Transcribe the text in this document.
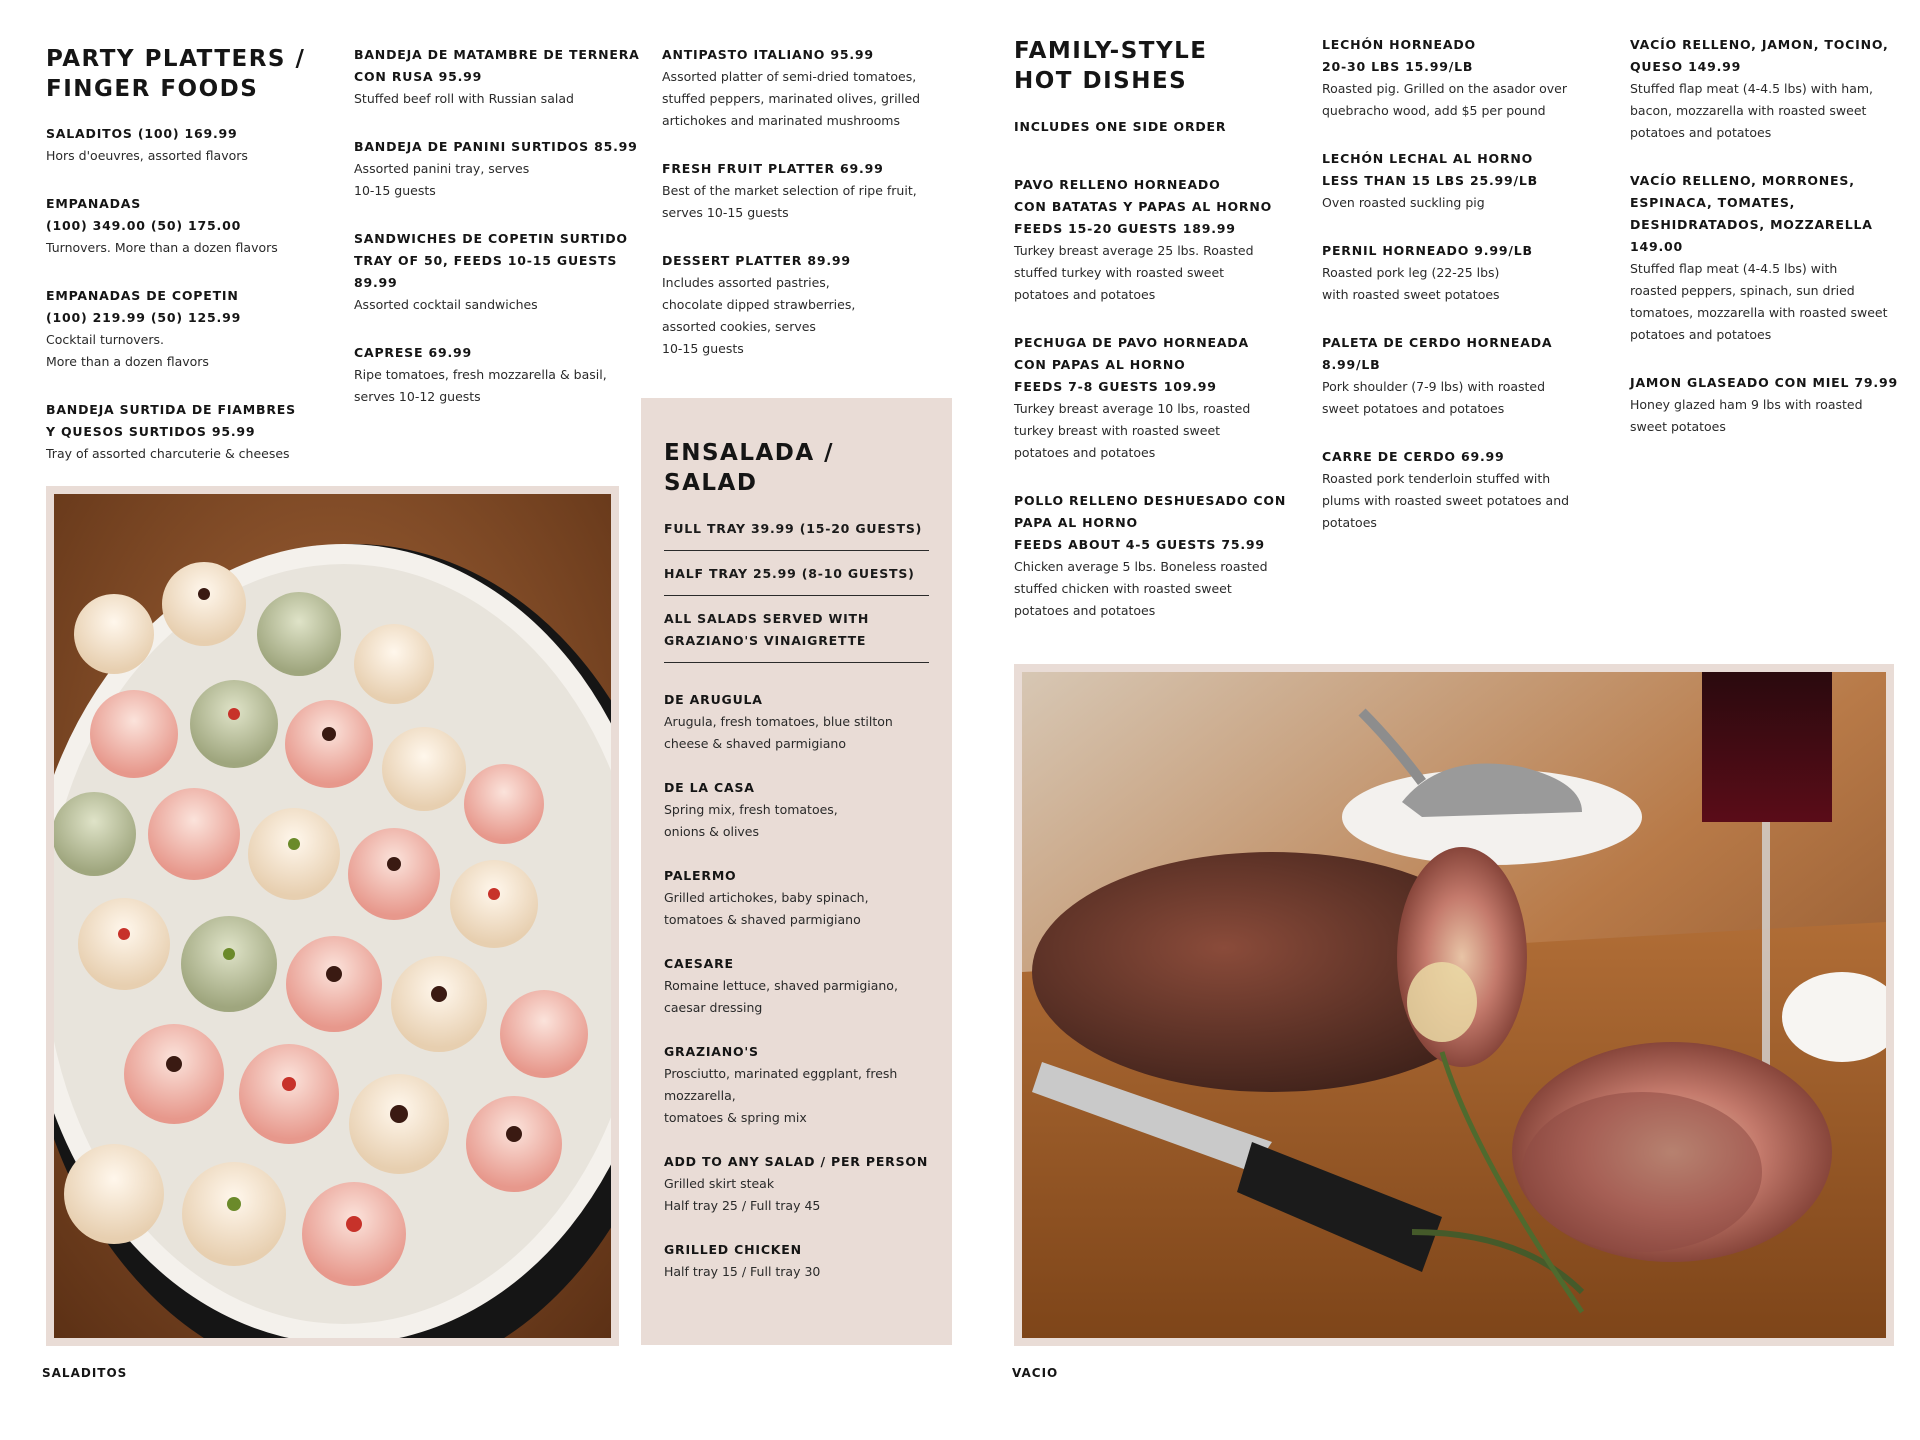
PARTY PLATTERS /
FINGER FOODS
SALADITOS (100) 169.99
Hors d'oeuvres, assorted flavors
EMPANADAS
(100) 349.00 (50) 175.00
Turnovers. More than a dozen flavors
EMPANADAS DE COPETIN
(100) 219.99 (50) 125.99
Cocktail turnovers.
More than a dozen flavors
BANDEJA SURTIDA DE FIAMBRES
Y QUESOS SURTIDOS 95.99
Tray of assorted charcuterie & cheeses
BANDEJA DE MATAMBRE DE TERNERA
CON RUSA 95.99
Stuffed beef roll with Russian salad
BANDEJA DE PANINI SURTIDOS 85.99
Assorted panini tray, serves
10-15 guests
SANDWICHES DE COPETIN SURTIDO
TRAY OF 50, FEEDS 10-15 GUESTS
89.99
Assorted cocktail sandwiches
CAPRESE 69.99
Ripe tomatoes, fresh mozzarella & basil,
serves 10-12 guests
ANTIPASTO ITALIANO 95.99
Assorted platter of semi-dried tomatoes,
stuffed peppers, marinated olives, grilled
artichokes and marinated mushrooms
FRESH FRUIT PLATTER 69.99
Best of the market selection of ripe fruit,
serves 10-15 guests
DESSERT PLATTER 89.99
Includes assorted pastries,
chocolate dipped strawberries,
assorted cookies, serves
10-15 guests
SALADITOS
ENSALADA / SALAD
FULL TRAY 39.99 (15-20 GUESTS)
HALF TRAY 25.99 (8-10 GUESTS)
ALL SALADS SERVED WITH
GRAZIANO'S VINAIGRETTE
DE ARUGULA
Arugula, fresh tomatoes, blue stilton
cheese & shaved parmigiano
DE LA CASA
Spring mix, fresh tomatoes,
onions & olives
PALERMO
Grilled artichokes, baby spinach,
tomatoes & shaved parmigiano
CAESARE
Romaine lettuce, shaved parmigiano,
caesar dressing
GRAZIANO'S
Prosciutto, marinated eggplant, fresh
mozzarella,
tomatoes & spring mix
ADD TO ANY SALAD / PER PERSON
Grilled skirt steak
Half tray 25 / Full tray 45
GRILLED CHICKEN
Half tray 15 / Full tray 30
FAMILY-STYLE
HOT DISHES
INCLUDES ONE SIDE ORDER
PAVO RELLENO HORNEADO
CON BATATAS Y PAPAS AL HORNO
FEEDS 15-20 GUESTS 189.99
Turkey breast average 25 lbs. Roasted
stuffed turkey with roasted sweet
potatoes and potatoes
PECHUGA DE PAVO HORNEADA
CON PAPAS AL HORNO
FEEDS 7-8 GUESTS 109.99
Turkey breast average 10 lbs, roasted
turkey breast with roasted sweet
potatoes and potatoes
POLLO RELLENO DESHUESADO CON
PAPA AL HORNO
FEEDS ABOUT 4-5 GUESTS 75.99
Chicken average 5 lbs. Boneless roasted
stuffed chicken with roasted sweet
potatoes and potatoes
LECHÓN HORNEADO
20-30 LBS 15.99/LB
Roasted pig. Grilled on the asador over
quebracho wood, add $5 per pound
LECHÓN LECHAL AL HORNO
LESS THAN 15 LBS 25.99/LB
Oven roasted suckling pig
PERNIL HORNEADO 9.99/LB
Roasted pork leg (22-25 lbs)
with roasted sweet potatoes
PALETA DE CERDO HORNEADA 8.99/LB
Pork shoulder (7-9 lbs) with roasted
sweet potatoes and potatoes
CARRE DE CERDO 69.99
Roasted pork tenderloin stuffed with
plums with roasted sweet potatoes and
potatoes
VACÍO RELLENO, JAMON, TOCINO,
QUESO 149.99
Stuffed flap meat (4-4.5 lbs) with ham,
bacon, mozzarella with roasted sweet
potatoes and potatoes
VACÍO RELLENO, MORRONES,
ESPINACA, TOMATES,
DESHIDRATADOS, MOZZARELLA
149.00
Stuffed flap meat (4-4.5 lbs) with
roasted peppers, spinach, sun dried
tomatoes, mozzarella with roasted sweet
potatoes and potatoes
JAMON GLASEADO CON MIEL 79.99
Honey glazed ham 9 lbs with roasted
sweet potatoes
VACIO
